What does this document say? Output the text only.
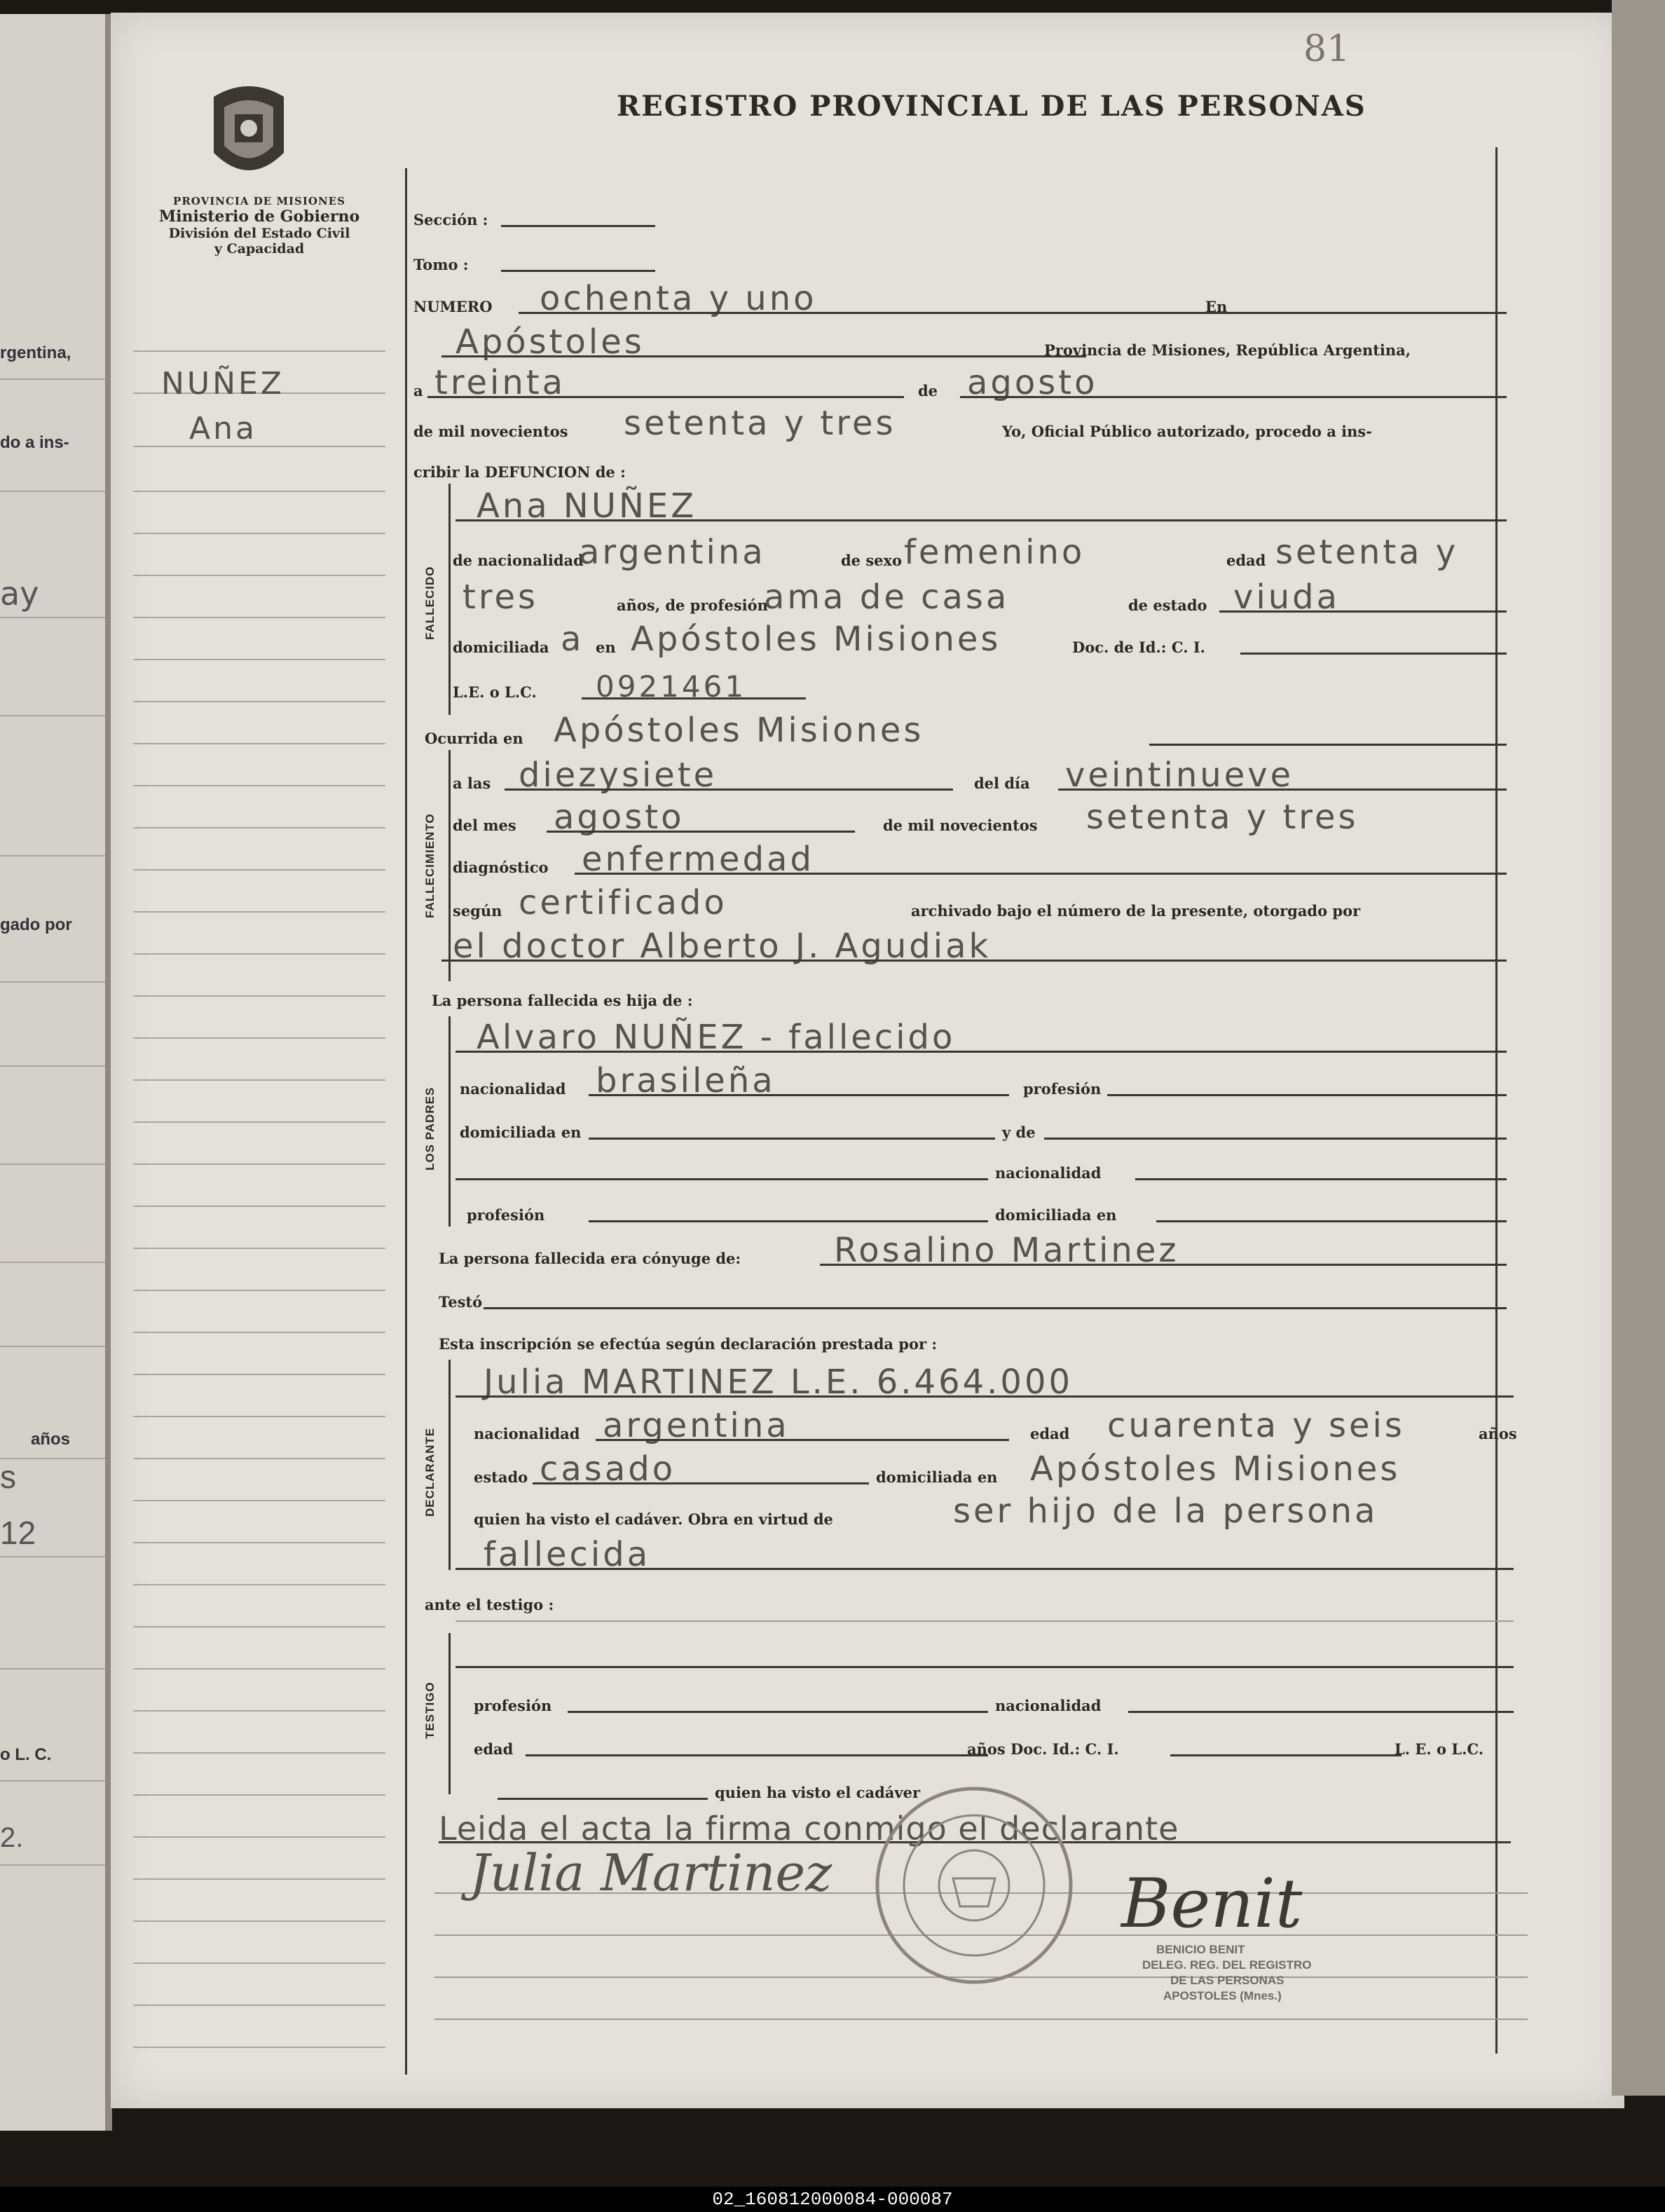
rgentina,
do a ins-
ay
gado por
años
s
12
o L. C.
2.
81
REGISTRO PROVINCIAL DE LAS PERSONAS
PROVINCIA DE MISIONES
Ministerio de Gobierno
División del Estado Civil
y Capacidad
NUÑEZ
Ana
Sección :
Tomo :
NUMERO ochenta y uno	En
Apóstoles	Provincia de Misiones, República Argentina,
a treinta	de agosto
de mil novecientos setenta y tres	Yo, Oficial Público autorizado, procedo a ins-
cribir la DEFUNCION de :
FALLECIDO
Ana NUÑEZ
de nacionalidad
argentina	de sexo femenino	edad setenta y
tres	años, de profesión
ama de casa	de estado viuda
domiciliada a en Apóstoles Misiones	Doc. de Id.: C. I.
L.E. o L.C. 0921461
Ocurrida en Apóstoles Misiones
FALLECIMIENTO
a las diezysiete	del día veintinueve
del mes agosto	de mil novecientos setenta y tres
diagnóstico enfermedad
según certificado	archivado bajo el número de la presente, otorgado por
el doctor Alberto J. Agudiak
La persona fallecida es hija de :
LOS PADRES
Alvaro NUÑEZ - fallecido
nacionalidad brasileña	profesión
domiciliada en	y de
nacionalidad
profesión	domiciliada en
La persona fallecida era cónyuge de:	Rosalino Martinez
Testó
Esta inscripción se efectúa según declaración prestada por :
DECLARANTE
Julia MARTINEZ L.E. 6.464.000
nacionalidad argentina	edad cuarenta y seis	años
estado casado	domiciliada en Apóstoles Misiones
quien ha visto el cadáver. Obra en virtud de	ser hijo de la persona
fallecida
ante el testigo :
TESTIGO	profesión	nacionalidad
edad	años Doc. Id.: C. I.	L. E. o L.C.
quien ha visto el cadáver
Leida el acta la firma conmigo el declarante
Julia Martinez	Benit
BENICIO BENIT
DELEG. REG. DEL REGISTRO
DE LAS PERSONAS
APOSTOLES (Mnes.)
02_160812000084-000087
